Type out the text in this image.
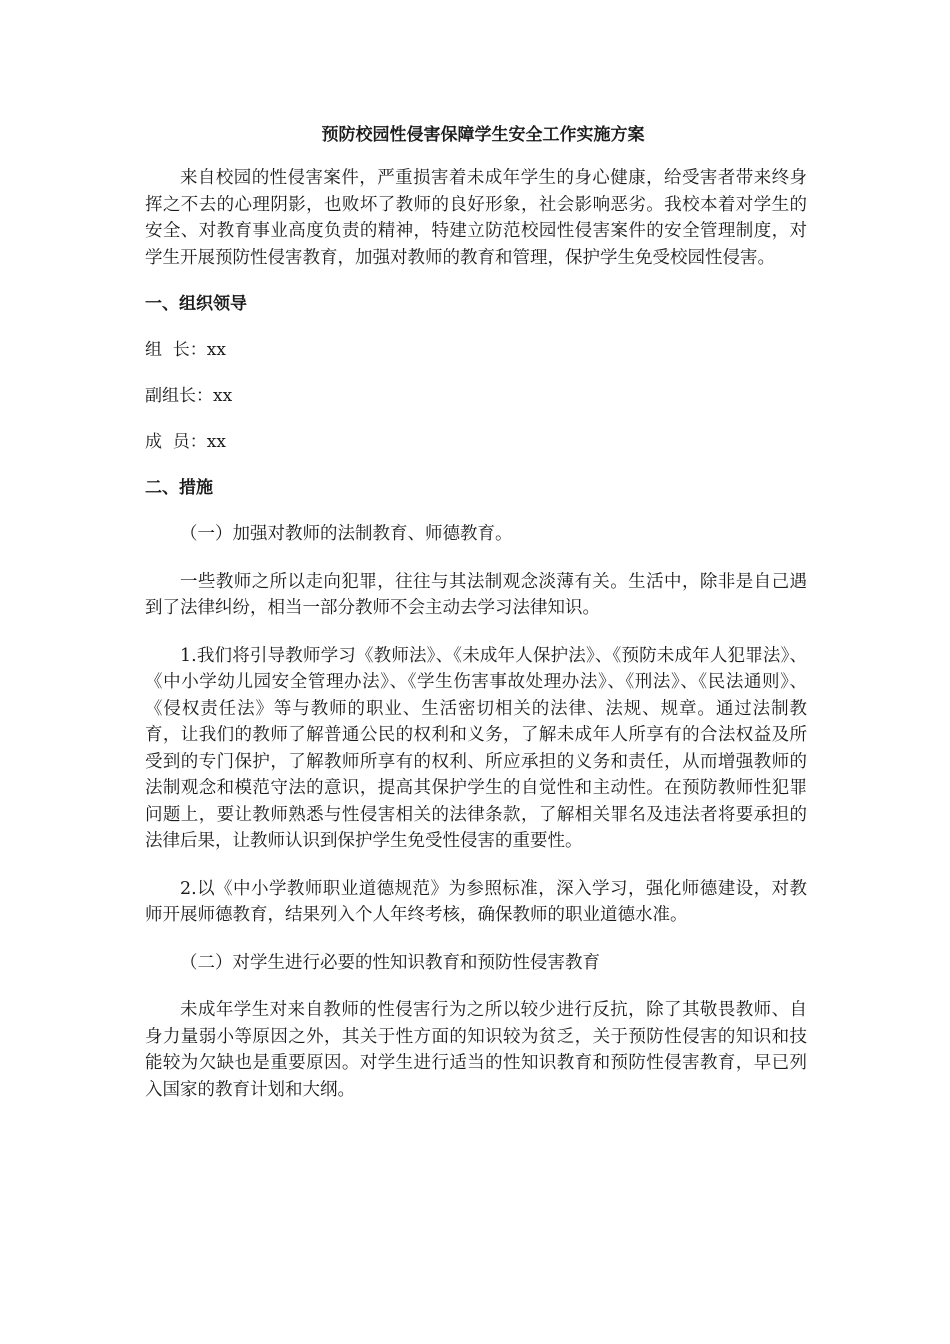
预防校园性侵害保障学生安全工作实施方案

来自校园的性侵害案件，严重损害着未成年学生的身心健康，给受害者带来终身挥之不去的心理阴影，也败坏了教师的良好形象，社会影响恶劣。我校本着对学生的安全、对教育事业高度负责的精神，特建立防范校园性侵害案件的安全管理制度，对学生开展预防性侵害教育，加强对教师的教育和管理，保护学生免受校园性侵害。

一、组织领导

组  长：xx

副组长：xx

成  员：xx

二、措施

（一）加强对教师的法制教育、师德教育。

一些教师之所以走向犯罪，往往与其法制观念淡薄有关。生活中，除非是自己遇到了法律纠纷，相当一部分教师不会主动去学习法律知识。

1.我们将引导教师学习《教师法》、《未成年人保护法》、《预防未成年人犯罪法》、《中小学幼儿园安全管理办法》、《学生伤害事故处理办法》、《刑法》、《民法通则》、《侵权责任法》等与教师的职业、生活密切相关的法律、法规、规章。通过法制教育，让我们的教师了解普通公民的权利和义务，了解未成年人所享有的合法权益及所受到的专门保护，了解教师所享有的权利、所应承担的义务和责任，从而增强教师的法制观念和模范守法的意识，提高其保护学生的自觉性和主动性。在预防教师性犯罪问题上，要让教师熟悉与性侵害相关的法律条款，了解相关罪名及违法者将要承担的法律后果，让教师认识到保护学生免受性侵害的重要性。

2.以《中小学教师职业道德规范》为参照标准，深入学习，强化师德建设，对教师开展师德教育，结果列入个人年终考核，确保教师的职业道德水准。

（二）对学生进行必要的性知识教育和预防性侵害教育

未成年学生对来自教师的性侵害行为之所以较少进行反抗，除了其敬畏教师、自身力量弱小等原因之外，其关于性方面的知识较为贫乏，关于预防性侵害的知识和技能较为欠缺也是重要原因。对学生进行适当的性知识教育和预防性侵害教育，早已列入国家的教育计划和大纲。
